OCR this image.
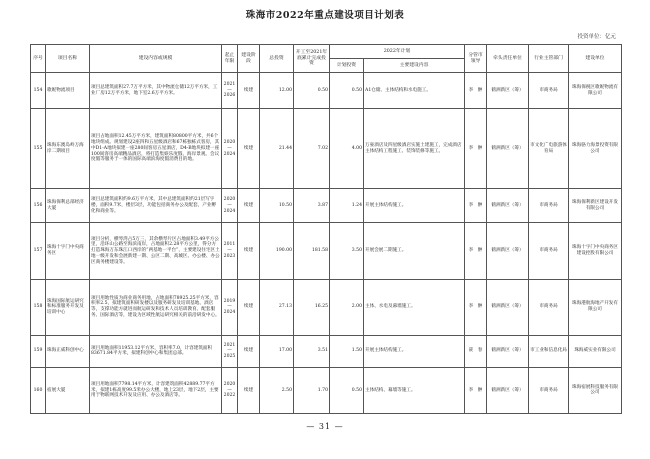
珠海市2022年重点建设项目计划表
投资单位：亿元
序号	项目名称	建设内容或规模	起止年限	建设阶段	总投资	开工至2021年底累计完成投资	2022年计划		分管市领导	牵头责任单位	行业主管部门	建设单位
							计划投资	主要建设内容				
154	歌妮物流项目	项目总建筑面积27.7万平方米，其中物流仓储12万平方米，工业厂房12万平方米，地下室2.6万平方米。	2021—2026	续建	12.00	0.50	0.50	A1仓储、主体结构和水电施工。	李　翀	鹤洲新区（筹）	市商务局	珠海保税区歌妮物流有限公司
155	珠海东澳岛岭万海岸二期项目	项目占地面积12.45万平方米，建筑面积80800平方米，共6个地块组成。规划建设2座四和五星级酒店和67栋独栋式客房，其中D1-A地块拟建一座280间客房五星酒店，D4-B地块拟建一座100间客房高端精品酒店，将打造集娱乐度假、海岸景观、会议度假等服务于一体的国际高端滨海度假消费目的地。	2020—2024	续建	21.44	7.02	4.00	万豪酒店及四星级酒店实施土建施工，完成酒店主体结构工程施工、装饰装修等施工。	李　翀	鹤洲新区（筹）	市文化广电旅游体育局	珠海骆力海景投资有限公司
156	珠海保利总部经济大厦	项目总建筑面积约9.6万平方米，其中总建筑面积约21层写字楼，面积9.7米，楼层3层，功能包括商务办公及配套，产业孵化和商业等。	2020—2024	续建	10.50	3.87	1.24	开展主体结构施工。	李　翀	鹤洲新区（筹）	市商务局	珠海保利新区建设开发有限公司
157	珠海十字门中央商务区	项目分析，横琴湾占5万三，其余横琴片区占地面积3.49平方公里，沿环山公路至海滨南岸，占地面积2.28平方公里，得分方打造珠海万东珠江口西岸的“两基地一平台”，主要建设住宅区土地一级开发和会展新建一期、公区二期、高城区、办公楼、办公区商务楼建设等。	2011—2023	续建	190.00	181.58	3.50	开展会展二期施工。	李　翀	鹤洲新区（筹）	市商务局	珠海十字门中央商务区建设控股有限公司
158	珠海国际航运研究和标准服务开发及培训中心	项目用地性质为商业商务用地，占地面积78925.25平方米，容积率2.5，拟建筑面积研发楼以及服务研发及培训基地、酒店等，支撑功能方就进而航运研发和技术人员培训教育、配套服务、国际酒店等，建设为区域性航运研究相关的前沿研发中心。	2019—2024	续建	27.13	16.25	2.00	主体、水电及幕墙施工。	李　翀	鹤洲新区（筹）	市商务局	珠海港航海地产开发有限公司
159	珠海正威科创中心	项目用地面积11953.12平方米，容积率7.0，计容建筑面积83671.84平方米，拟建科创中心和集团总部。	2021—2025	续建	17.00	3.51	1.50	开展主体结构施工。	聂　春	鹤洲新区（筹）	市工业和信息化局	珠海威实业有限公司
160	宿展大厦	项目用地面积7798.14平方米，计容建筑面积42889.77平方米，拟建1栋高度99.5米办公大楼，地上23层，地下2层，主要用于物联网技术开发及应用、办公及酒店等。	2020—2022	续建	2.50	1.70	0.50	主体结构、幕墙等施工。	李　翀	鹤洲新区（筹）	市商务局	珠海宿展科技服务有限公司
— 31 —
